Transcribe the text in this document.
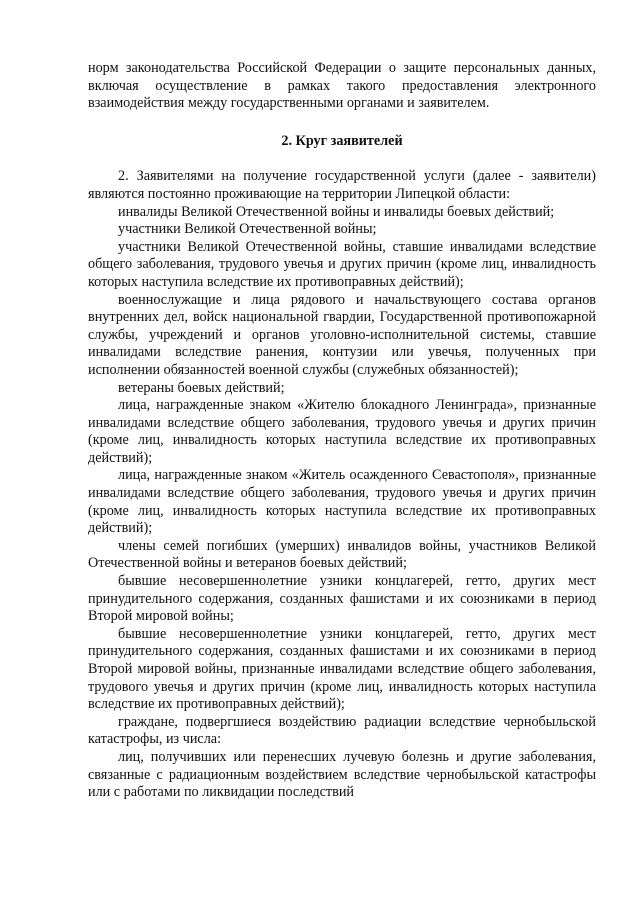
норм законодательства Российской Федерации о защите персональных данных, включая осуществление в рамках такого предоставления электронного взаимодействия между государственными органами и заявителем.

2. Круг заявителей

2. Заявителями на получение государственной услуги (далее - заявители) являются постоянно проживающие на территории Липецкой области:

инвалиды Великой Отечественной войны и инвалиды боевых действий;

участники Великой Отечественной войны;

участники Великой Отечественной войны, ставшие инвалидами вследствие общего заболевания, трудового увечья и других причин (кроме лиц, инвалидность которых наступила вследствие их противоправных действий);

военнослужащие и лица рядового и начальствующего состава органов внутренних дел, войск национальной гвардии, Государственной противопожарной службы, учреждений и органов уголовно-исполнительной системы, ставшие инвалидами вследствие ранения, контузии или увечья, полученных при исполнении обязанностей военной службы (служебных обязанностей);

ветераны боевых действий;

лица, награжденные знаком «Жителю блокадного Ленинграда», признанные инвалидами вследствие общего заболевания, трудового увечья и других причин (кроме лиц, инвалидность которых наступила вследствие их противоправных действий);

лица, награжденные знаком «Житель осажденного Севастополя», признанные инвалидами вследствие общего заболевания, трудового увечья и других причин (кроме лиц, инвалидность которых наступила вследствие их противоправных действий);

члены семей погибших (умерших) инвалидов войны, участников Великой Отечественной войны и ветеранов боевых действий;

бывшие несовершеннолетние узники концлагерей, гетто, других мест принудительного содержания, созданных фашистами и их союзниками в период Второй мировой войны;

бывшие несовершеннолетние узники концлагерей, гетто, других мест принудительного содержания, созданных фашистами и их союзниками в период Второй мировой войны, признанные инвалидами вследствие общего заболевания, трудового увечья и других причин (кроме лиц, инвалидность которых наступила вследствие их противоправных действий);

граждане, подвергшиеся воздействию радиации вследствие чернобыльской катастрофы, из числа:

лиц, получивших или перенесших лучевую болезнь и другие заболевания, связанные с радиационным воздействием вследствие чернобыльской катастрофы или с работами по ликвидации последствий
